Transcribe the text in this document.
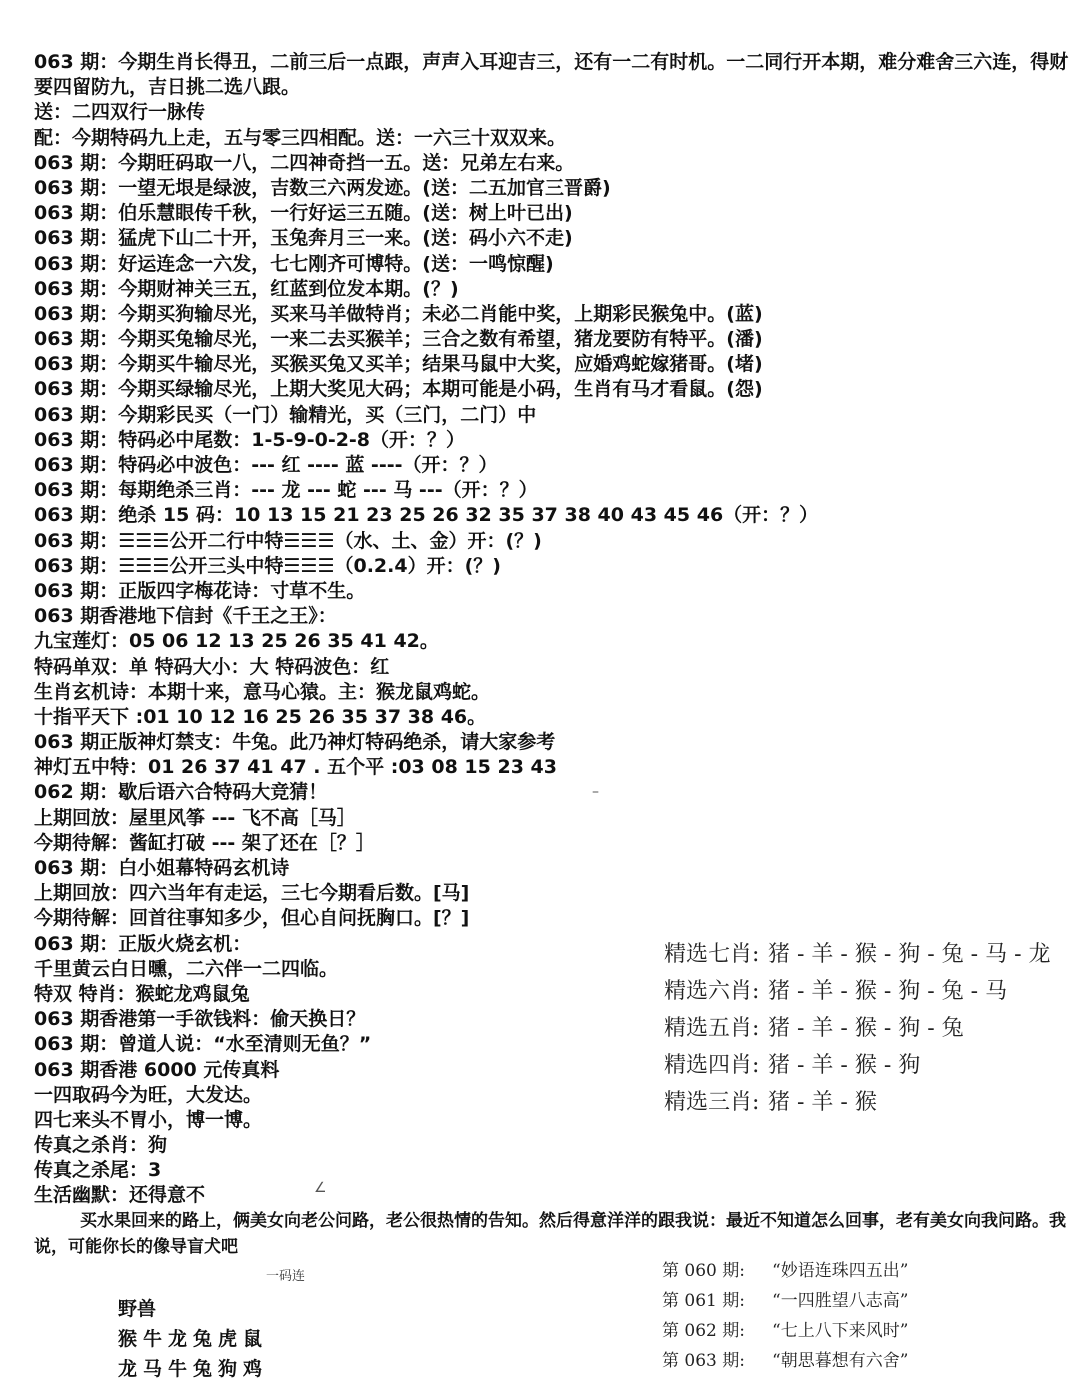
063 期：今期生肖长得丑，二前三后一点跟，声声入耳迎吉三，还有一二有时机。一二同行开本期，难分难舍三六连，得财要四留防九，吉日挑二选八跟。
送：二四双行一脉传
配：今期特码九上走，五与零三四相配。送：一六三十双双来。
063 期：今期旺码取一八，二四神奇挡一五。送：兄弟左右来。
063 期：一望无垠是绿波，吉数三六两发迹。(送：二五加官三晋爵)
063 期：伯乐慧眼传千秋，一行好运三五随。(送：树上叶已出)
063 期：猛虎下山二十开，玉兔奔月三一来。(送：码小六不走)
063 期：好运连念一六发，七七刚齐可博特。(送：一鸣惊醒)
063 期：今期财神关三五，红蓝到位发本期。(？)
063 期：今期买狗输尽光，买来马羊做特肖；未必二肖能中奖，上期彩民猴兔中。(蓝)
063 期：今期买兔输尽光，一来二去买猴羊；三合之数有希望，猪龙要防有特平。(潘)
063 期：今期买牛输尽光，买猴买兔又买羊；结果马鼠中大奖，应婚鸡蛇嫁猪哥。(堵)
063 期：今期买绿输尽光，上期大奖见大码；本期可能是小码，生肖有马才看鼠。(怨)
063 期：今期彩民买（一门）输精光，买（三门，二门）中
063 期：特码必中尾数：1-5-9-0-2-8（开：？）
063 期：特码必中波色：--- 红 ---- 蓝 ----（开：？）
063 期：每期绝杀三肖：--- 龙 --- 蛇 --- 马 ---（开：？）
063 期：绝杀 15 码：10 13 15 21 23 25 26 32 35 37 38 40 43 45 46（开：？）
063 期：☰☰☰公开二行中特☰☰☰（水、土、金）开：(？)
063 期：☰☰☰公开三头中特☰☰☰（0.2.4）开：(？)
063 期：正版四字梅花诗：寸草不生。
063 期香港地下信封《千王之王》：
九宝莲灯：05 06 12 13 25 26 35 41 42。
特码单双：单 特码大小：大 特码波色：红
生肖玄机诗：本期十来，意马心猿。主：猴龙鼠鸡蛇。
十指平天下 :01 10 12 16 25 26 35 37 38 46。
063 期正版神灯禁支：牛兔。此乃神灯特码绝杀，请大家参考
神灯五中特：01 26 37 41 47 . 五个平 :03 08 15 23 43
062 期：歇后语六合特码大竞猜！
上期回放：屋里风筝 --- 飞不高［马］
今期待解：酱缸打破 --- 架了还在［？］
063 期：白小姐幕特码玄机诗
上期回放：四六当年有走运，三七今期看后数。[马]
今期待解：回首往事知多少，但心自问抚胸口。[？]
063 期：正版火烧玄机：
千里黄云白日曛，二六伴一二四临。
特双 特肖：猴蛇龙鸡鼠兔
063 期香港第一手欲钱料：偷天换日？
063 期：曾道人说：“水至清则无鱼？”
063 期香港 6000 元传真料
一四取码今为旺，大发达。
四七来头不胃小，博一博。
传真之杀肖：狗
传真之杀尾：3
生活幽默：还得意不
精选七肖: 猪 - 羊 - 猴 - 狗 - 兔 - 马 - 龙
精选六肖: 猪 - 羊 - 猴 - 狗 - 兔 - 马
精选五肖: 猪 - 羊 - 猴 - 狗 - 兔
精选四肖: 猪 - 羊 - 猴 - 狗
精选三肖: 猪 - 羊 - 猴
买水果回来的路上，俩美女向老公问路，老公很热情的告知。然后得意洋洋的跟我说：最近不知道怎么回事，老有美女向我问路。我说，可能你长的像导盲犬吧
一码连
野兽
猴牛龙兔虎鼠
龙马牛兔狗鸡
第 060 期: “妙语连珠四五出”
第 061 期: “一四胜望八志高”
第 062 期: “七上八下来风时”
第 063 期: “朝思暮想有六舍”
–
∠
